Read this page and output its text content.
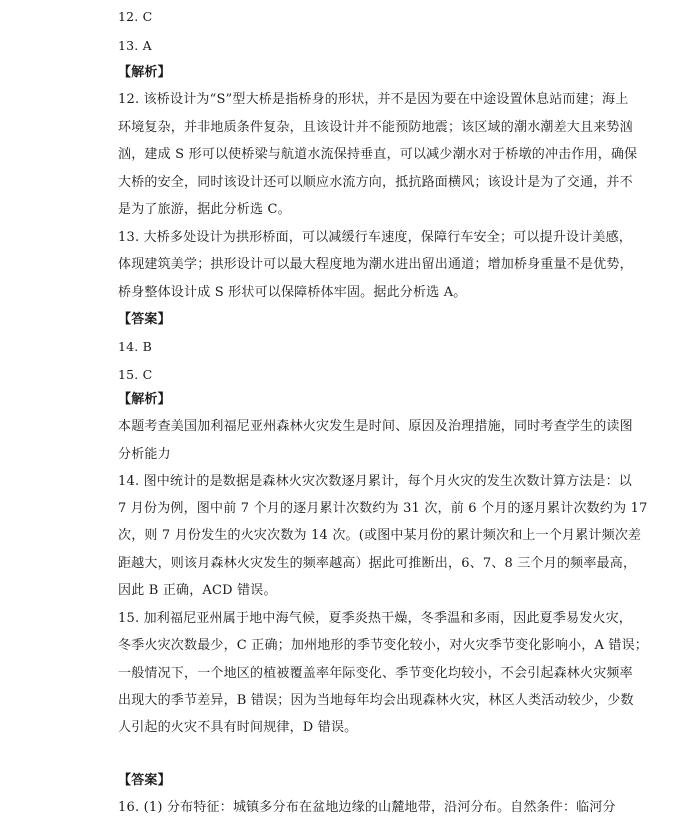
12. C
13. A
【解析】
12. 该桥设计为“S”型大桥是指桥身的形状，并不是因为要在中途设置休息站而建；海上
环境复杂，并非地质条件复杂，且该设计并不能预防地震；该区域的潮水潮差大且来势汹
汹，建成 S 形可以使桥梁与航道水流保持垂直，可以减少潮水对于桥墩的冲击作用，确保
大桥的安全，同时该设计还可以顺应水流方向，抵抗路面横风；该设计是为了交通，并不
是为了旅游，据此分析选 C。
13. 大桥多处设计为拱形桥面，可以减缓行车速度，保障行车安全；可以提升设计美感，
体现建筑美学；拱形设计可以最大程度地为潮水进出留出通道；增加桥身重量不是优势，
桥身整体设计成 S 形状可以保障桥体牢固。据此分析选 A。
【答案】
14. B
15. C
【解析】
本题考查美国加利福尼亚州森林火灾发生是时间、原因及治理措施，同时考查学生的读图
分析能力
14. 图中统计的是数据是森林火灾次数逐月累计，每个月火灾的发生次数计算方法是：以
7 月份为例，图中前 7 个月的逐月累计次数约为 31 次，前 6 个月的逐月累计次数约为 17
次，则 7 月份发生的火灾次数为 14 次。(或图中某月份的累计频次和上一个月累计频次差
距越大，则该月森林火灾发生的频率越高）据此可推断出，6、7、8 三个月的频率最高，
因此 B 正确，ACD 错误。
15. 加利福尼亚州属于地中海气候，夏季炎热干燥，冬季温和多雨，因此夏季易发火灾，
冬季火灾次数最少，C 正确；加州地形的季节变化较小，对火灾季节变化影响小，A 错误；
一般情况下，一个地区的植被覆盖率年际变化、季节变化均较小，不会引起森林火灾频率
出现大的季节差异，B 错误；因为当地每年均会出现森林火灾，林区人类活动较少，少数
人引起的火灾不具有时间规律，D 错误。
【答案】
16. (1) 分布特征：城镇多分布在盆地边缘的山麓地带，沿河分布。自然条件：临河分
